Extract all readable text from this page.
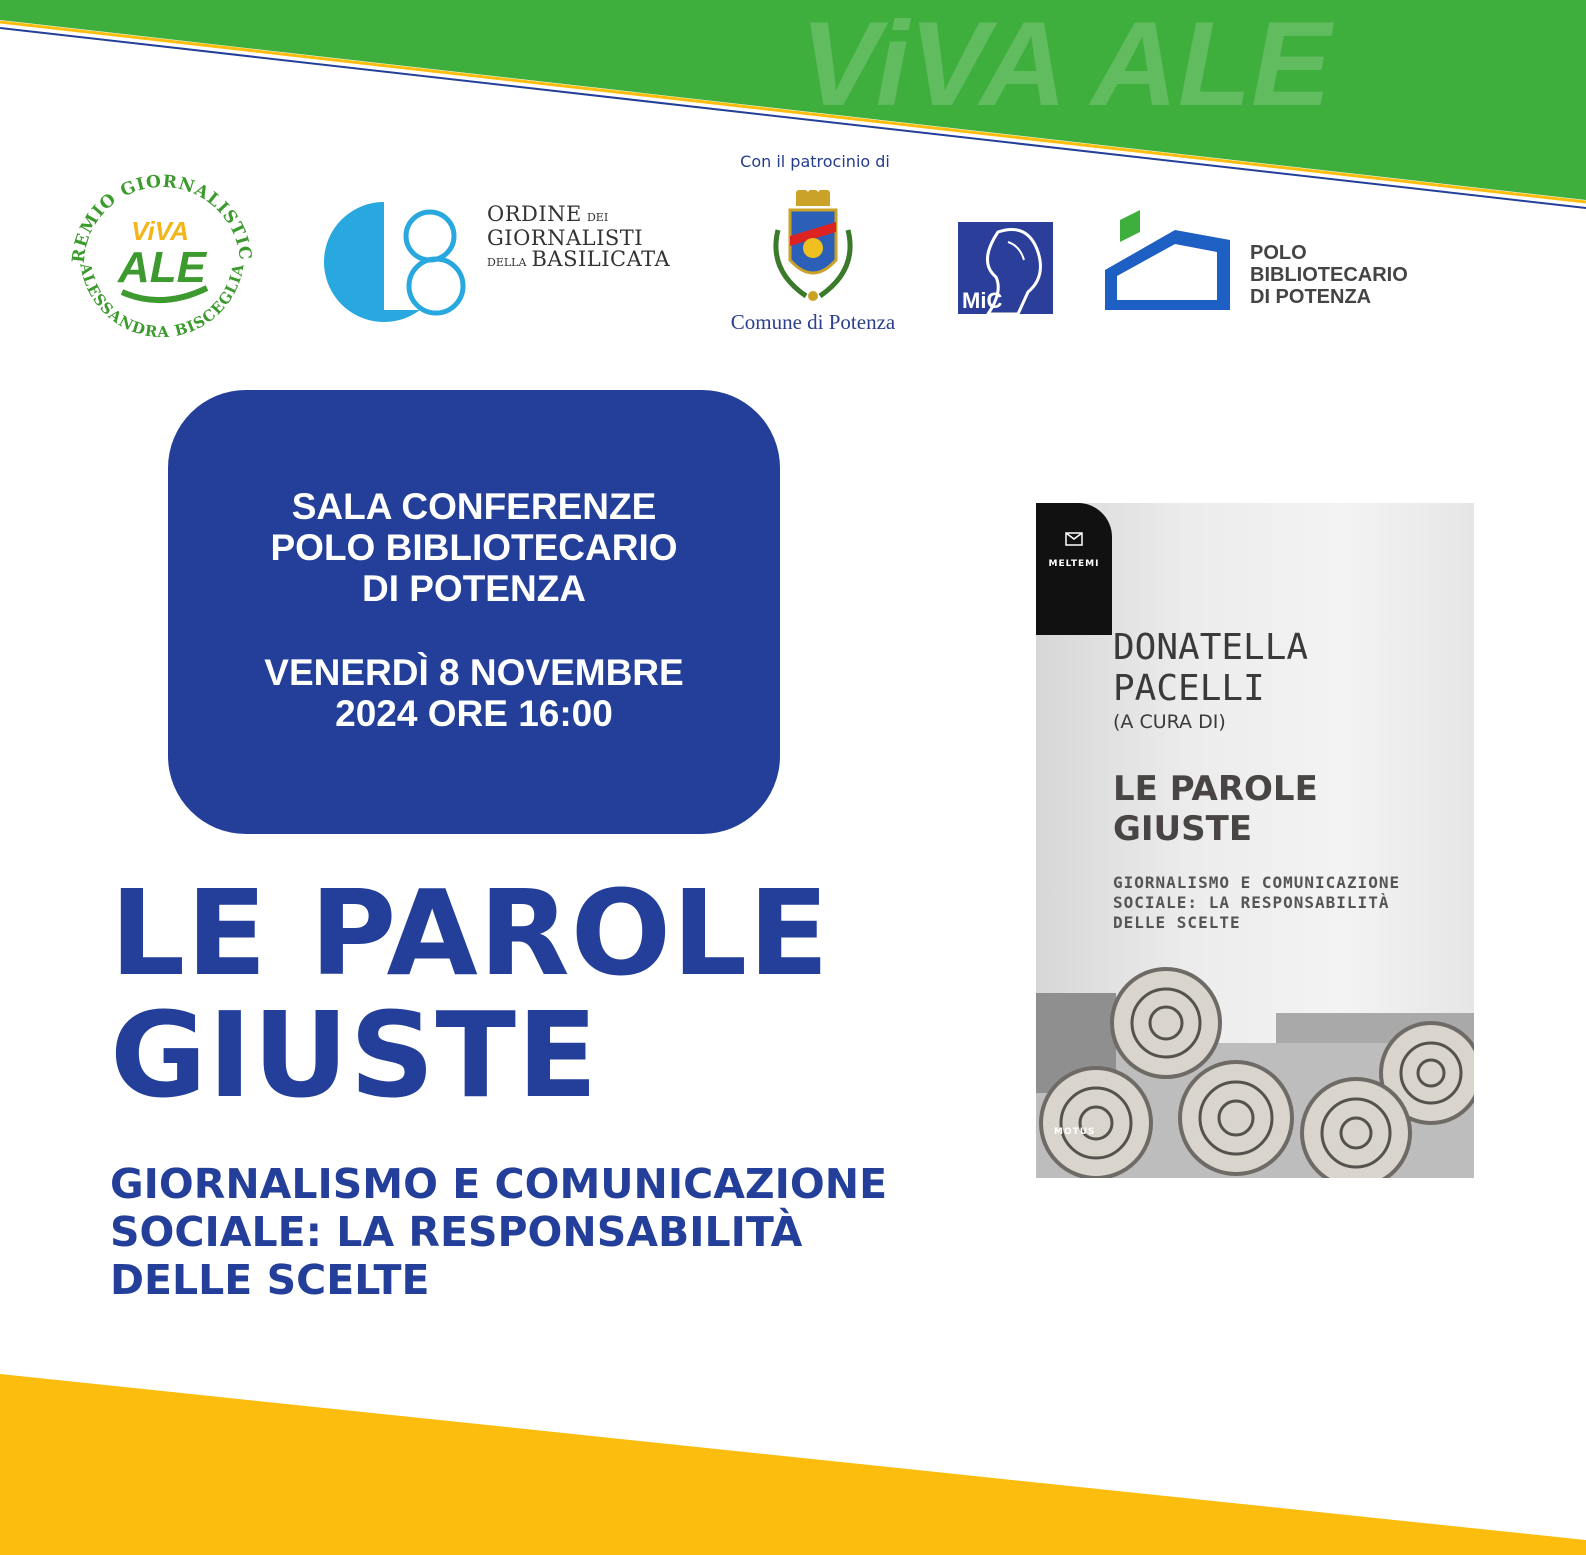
ViVA ALE
REMIO GIORNALISTIC
ALESSANDRA BISCEGLIA
ViVA
ALE
ORDINE DEI
GIORNALISTI
DELLA BASILICATA
Con il patrocinio di
Comune di Potenza
MiC
POLO
BIBLIOTECARIO
DI POTENZA
SALA CONFERENZE
POLO BIBLIOTECARIO
DI POTENZA
VENERDÌ 8 NOVEMBRE
2024 ORE 16:00
LE PAROLE
GIUSTE
GIORNALISMO E COMUNICAZIONE
SOCIALE: LA RESPONSABILITÀ
DELLE SCELTE
MELTEMI
DONATELLA
PACELLI
(A CURA DI)
LE PAROLE
GIUSTE
GIORNALISMO E COMUNICAZIONE
SOCIALE: LA RESPONSABILITÀ
DELLE SCELTE
MOTUS
